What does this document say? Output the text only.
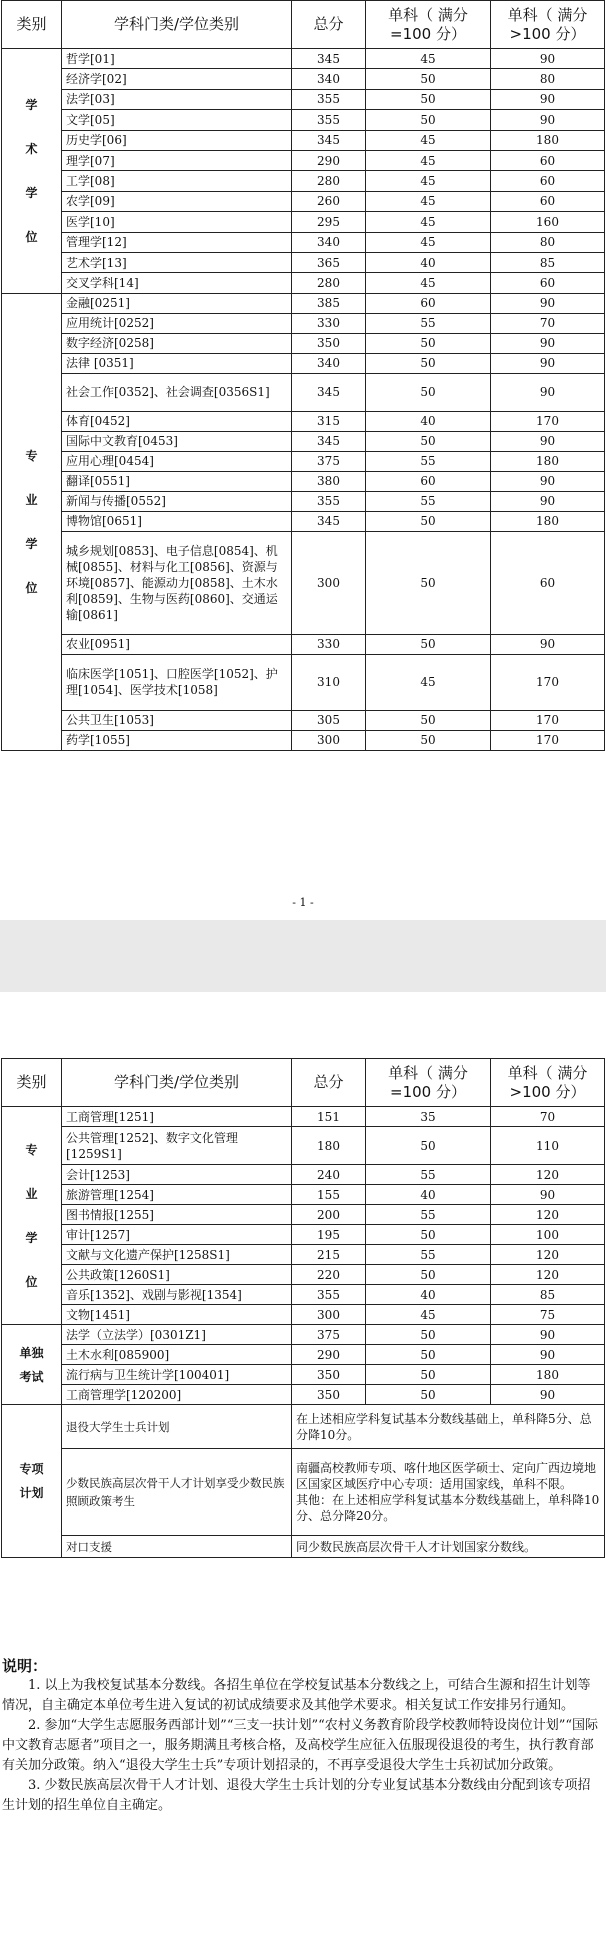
类别	学科门类/学位类别	总分	单科（ 满分=100 分）	单科（ 满分>100 分）

学
术
学
位	哲学[01]	345	45	90
	经济学[02]	340	50	80
	法学[03]	355	50	90
	文学[05]	355	50	90
	历史学[06]	345	45	180
	理学[07]	290	45	60
	工学[08]	280	45	60
	农学[09]	260	45	60
	医学[10]	295	45	160
	管理学[12]	340	45	80
	艺术学[13]	365	40	85
	交叉学科[14]	280	45	60

专
业
学
位	金融[0251]	385	60	90
	应用统计[0252]	330	55	70
	数字经济[0258]	350	50	90
	法律 [0351]	340	50	90
	社会工作[0352]、社会调查[0356S1]	345	50	90
	体育[0452]	315	40	170
	国际中文教育[0453]	345	50	90
	应用心理[0454]	375	55	180
	翻译[0551]	380	60	90
	新闻与传播[0552]	355	55	90
	博物馆[0651]	345	50	180
	城乡规划[0853]、电子信息[0854]、机械[0855]、材料与化工[0856]、资源与环境[0857]、能源动力[0858]、土木水利[0859]、生物与医药[0860]、交通运输[0861]	300	50	60
	农业[0951]	330	50	90
	临床医学[1051]、口腔医学[1052]、护理[1054]、医学技术[1058]	310	45	170
	公共卫生[1053]	305	50	170
	药学[1055]	300	50	170
- 1 -
类别	学科门类/学位类别	总分	单科（ 满分=100 分）	单科（ 满分>100 分）

专
业
学
位	工商管理[1251]	151	35	70
	公共管理[1252]、数字文化管理[1259S1]	180	50	110
	会计[1253]	240	55	120
	旅游管理[1254]	155	40	90
	图书情报[1255]	200	55	120
	审计[1257]	195	50	100
	文献与文化遗产保护[1258S1]	215	55	120
	公共政策[1260S1]	220	50	120
	音乐[1352]、戏剧与影视[1354]	355	40	85
	文物[1451]	300	45	75

单独
考试	法学（立法学）[0301Z1]	375	50	90
	土木水利[085900]	290	50	90
	流行病与卫生统计学[100401]	350	50	180
	工商管理学[120200]	350	50	90

专项
计划	退役大学生士兵计划	在上述相应学科复试基本分数线基础上，单科降5分、总分降10分。		
	少数民族高层次骨干人才计划享受少数民族照顾政策考生	南疆高校教师专项、喀什地区医学硕士、定向广西边境地区国家区域医疗中心专项：适用国家线，单科不限。
其他：在上述相应学科复试基本分数线基础上，单科降10分、总分降20分。		

	对口支援	同少数民族高层次骨干人才计划国家分数线。		
说明：

1. 以上为我校复试基本分数线。各招生单位在学校复试基本分数线之上，可结合生源和招生计划等情况，自主确定本单位考生进入复试的初试成绩要求及其他学术要求。相关复试工作安排另行通知。

2. 参加“大学生志愿服务西部计划”“三支一扶计划”“农村义务教育阶段学校教师特设岗位计划”“国际中文教育志愿者”项目之一，服务期满且考核合格，及高校学生应征入伍服现役退役的考生，执行教育部有关加分政策。纳入“退役大学生士兵”专项计划招录的，不再享受退役大学生士兵初试加分政策。

3. 少数民族高层次骨干人才计划、退役大学生士兵计划的分专业复试基本分数线由分配到该专项招生计划的招生单位自主确定。
